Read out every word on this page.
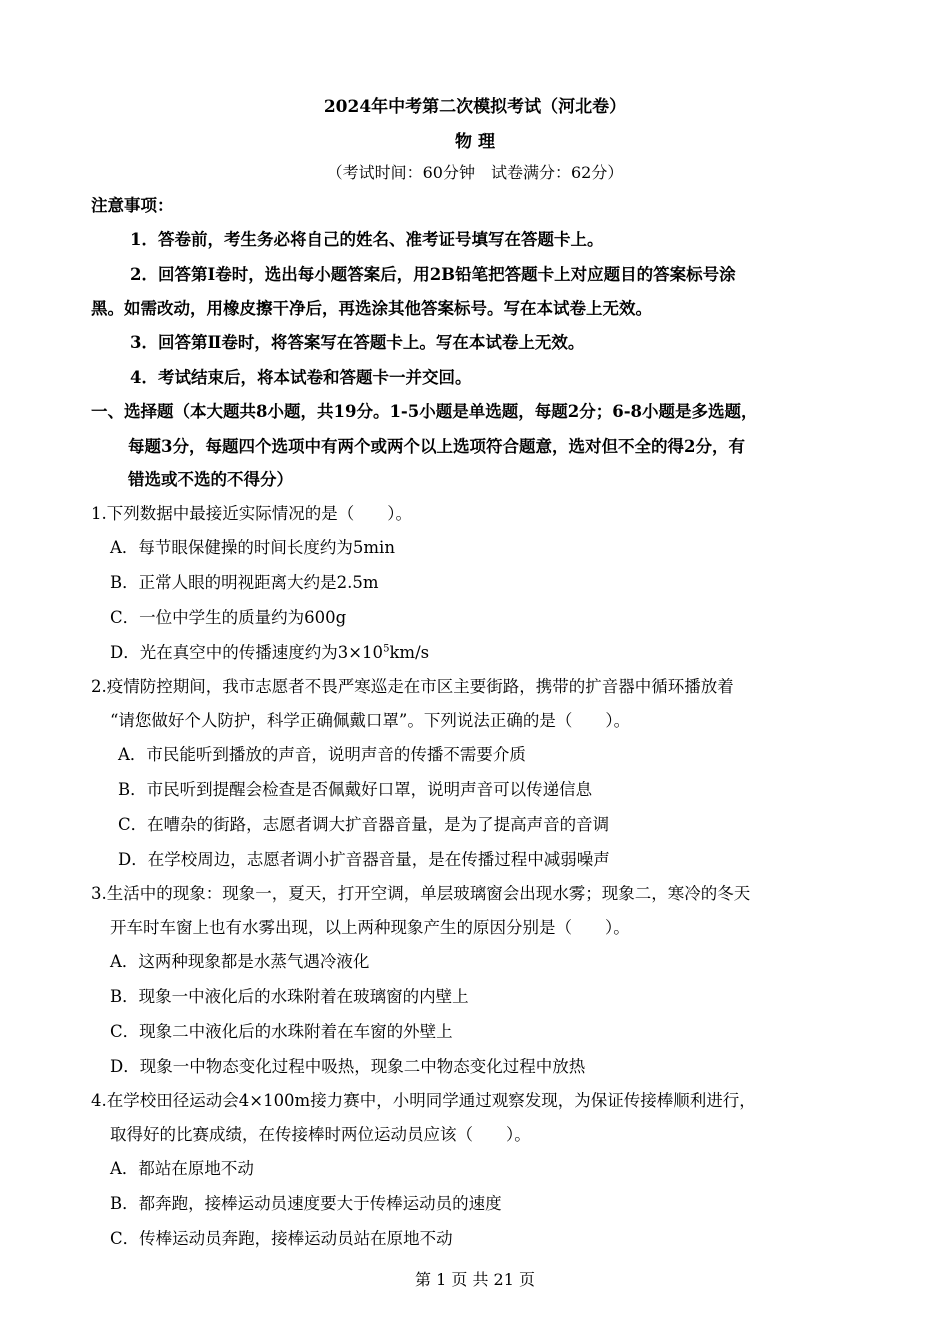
2024年中考第二次模拟考试（河北卷）
物 理
（考试时间：60分钟　试卷满分：62分）
注意事项：
1．答卷前，考生务必将自己的姓名、准考证号填写在答题卡上。
2．回答第Ⅰ卷时，选出每小题答案后，用2B铅笔把答题卡上对应题目的答案标号涂
黑。如需改动，用橡皮擦干净后，再选涂其他答案标号。写在本试卷上无效。
3．回答第Ⅱ卷时，将答案写在答题卡上。写在本试卷上无效。
4．考试结束后，将本试卷和答题卡一并交回。
一、选择题（本大题共8小题，共19分。1-5小题是单选题，每题2分；6-8小题是多选题，
每题3分，每题四个选项中有两个或两个以上选项符合题意，选对但不全的得2分，有
错选或不选的不得分）
1.下列数据中最接近实际情况的是（　　）。
A．每节眼保健操的时间长度约为5min
B．正常人眼的明视距离大约是2.5m
C．一位中学生的质量约为600g
D．光在真空中的传播速度约为$3\times 10^5km/s$
2.疫情防控期间，我市志愿者不畏严寒巡走在市区主要街路，携带的扩音器中循环播放着
“请您做好个人防护，科学正确佩戴口罩”。下列说法正确的是（　　）。
A．市民能听到播放的声音，说明声音的传播不需要介质
B．市民听到提醒会检查是否佩戴好口罩，说明声音可以传递信息
C．在嘈杂的街路，志愿者调大扩音器音量，是为了提高声音的音调
D．在学校周边，志愿者调小扩音器音量，是在传播过程中减弱噪声
3.生活中的现象：现象一，夏天，打开空调，单层玻璃窗会出现水雾；现象二，寒冷的冬天
开车时车窗上也有水雾出现，以上两种现象产生的原因分别是（　　）。
A．这两种现象都是水蒸气遇冷液化
B．现象一中液化后的水珠附着在玻璃窗的内壁上
C．现象二中液化后的水珠附着在车窗的外壁上
D．现象一中物态变化过程中吸热，现象二中物态变化过程中放热
4.在学校田径运动会4×100m接力赛中，小明同学通过观察发现，为保证传接棒顺利进行，
取得好的比赛成绩，在传接棒时两位运动员应该（　　）。
A．都站在原地不动
B．都奔跑，接棒运动员速度要大于传棒运动员的速度
C．传棒运动员奔跑，接棒运动员站在原地不动
第 1 页 共 21 页
